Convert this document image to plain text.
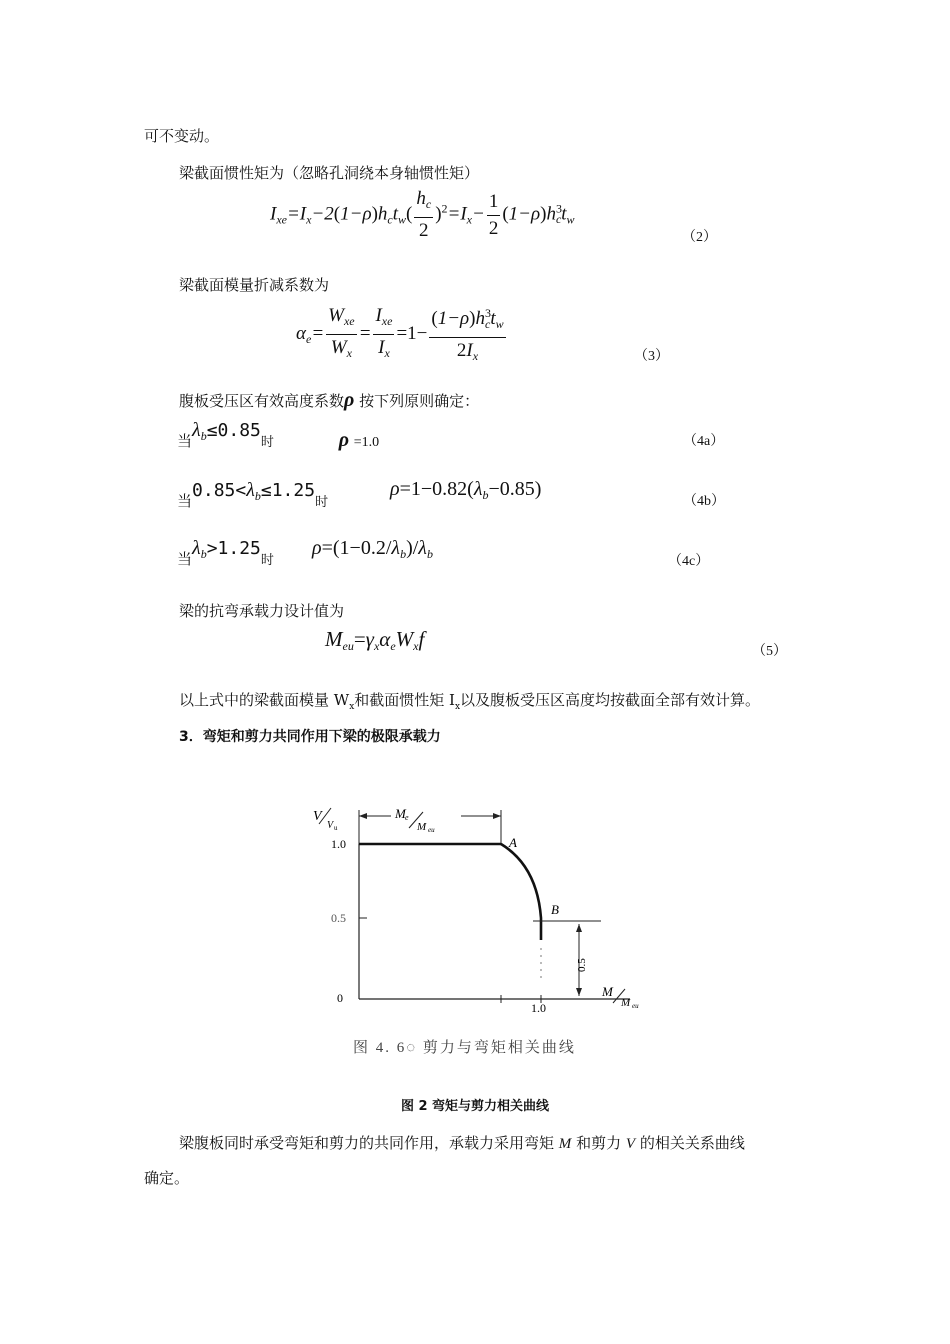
可不变动。
梁截面惯性矩为（忽略孔洞绕本身轴惯性矩）
$I_{xe}=I_x-2(1-\rho)h_ct_w( \frac{h_c}{2} )^2=I_x- \frac{1}{2} (1-\rho)h^3_ct_w$
（2）
梁截面模量折减系数为
$\alpha_e= \frac{W_{xe}}{W_x} = \frac{I_{xe}}{I_x} =1- \frac{(1-\rho)h^3_ct_w}{2I_x}$	（3）
腹板受压区有效高度系数ρ 按下列原则确定：
当$\lambda_b\le 0.85$时	ρ =1.0	（4a）
当$0.85<\lambda_b\le 1.25$时
$\rho=1-0.82(\lambda_b-0.85)$
（4b）
当$\lambda_b>1.25$时
$\rho=(1-0.2/\lambda_b)/\lambda_b$	（4c）
梁的抗弯承载力设计值为
$M_{eu}=\gamma_x\alpha_eW_xf$
（5）
以上式中的梁截面模量 $W_x$和截面惯性矩 $I_x$以及腹板受压区高度均按截面全部有效计算。
3．弯矩和剪力共同作用下梁的极限承载力
V
V u
M e
M eu
1.0
0.5
0
1.0
A
B
0.5
M
M eu
图 4. 6◌ 剪力与弯矩相关曲线
图 2 弯矩与剪力相关曲线
梁腹板同时承受弯矩和剪力的共同作用，承载力采用弯矩 M 和剪力 V 的相关关系曲线
确定。
